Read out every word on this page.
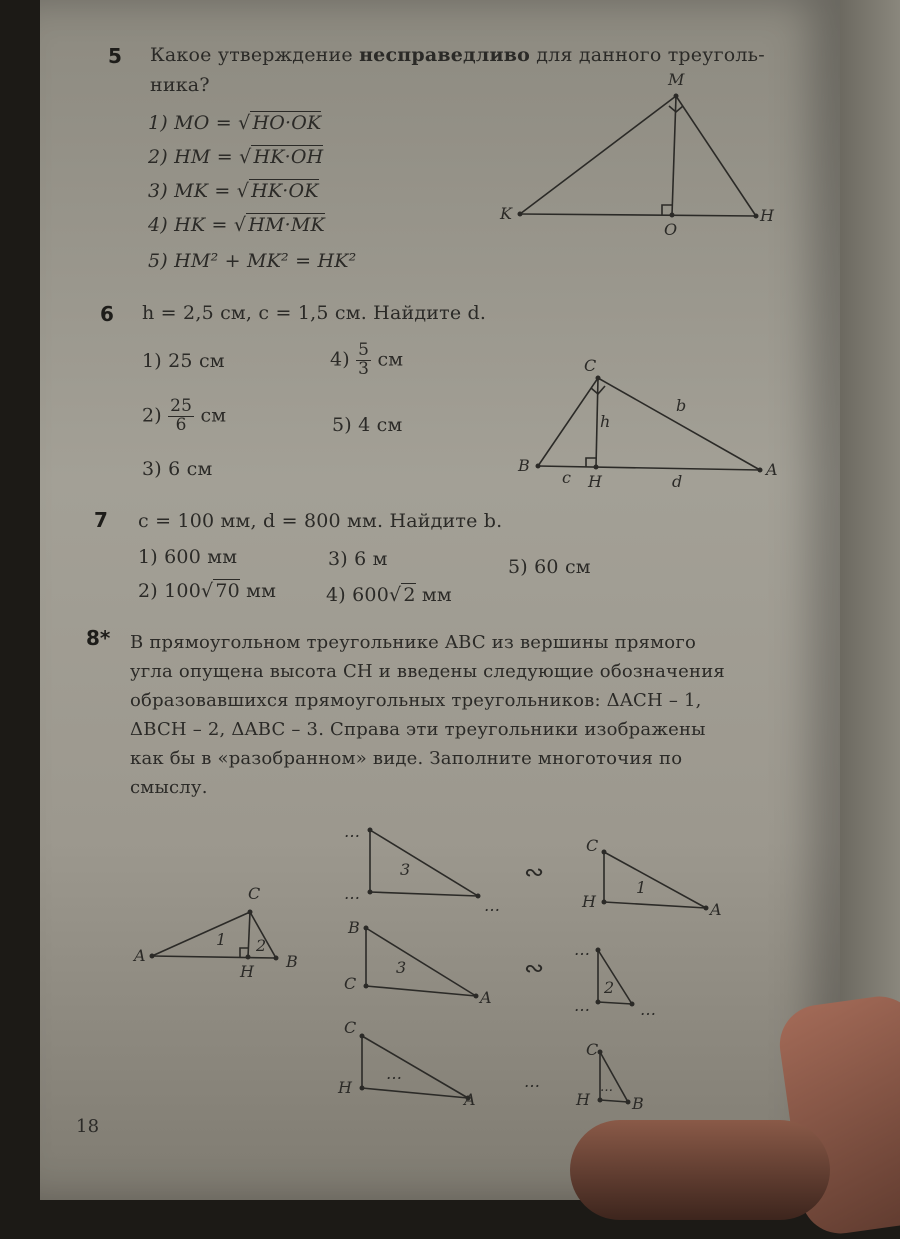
5 Какое утверждение несправедливо для данного треуголь-
ника?
1) MO = √ HO·OK
2) HM = √ HK·OH
3) MK = √ HK·OK
4) HK = √ HM·MK
5) HM² + MK² = HK²
6 h = 2,5 см, c = 1,5 см. Найдите d.
1) 25 см
$2) \frac{25}{6}$ см
3) 6 см
$4) \frac{5}{3}$ см
5) 4 см
7 c = 100 мм, d = 800 мм. Найдите b.
1) 600 мм
2) 100√ 70 мм
3) 6 м
4) 600√ 2 мм
5) 60 см
8* В прямоугольном треугольнике ABC из вершины прямого
угла опущена высота CH и введены следующие обозначения
образовавшихся прямоугольных треугольников: ΔACH – 1,
ΔBCH – 2, ΔABC – 3. Справа эти треугольники изображены
как бы в «разобранном» виде. Заполните многоточия по
смыслу.
M
K
O
H
C
b
h
B
c H	d
A
C
A	B
H
1 2
…
…
…
3	∾
C
H	A
1
B
C
A
3	∾
…
…	…
2
C
H
A
…	…
C
H	B
…
18
